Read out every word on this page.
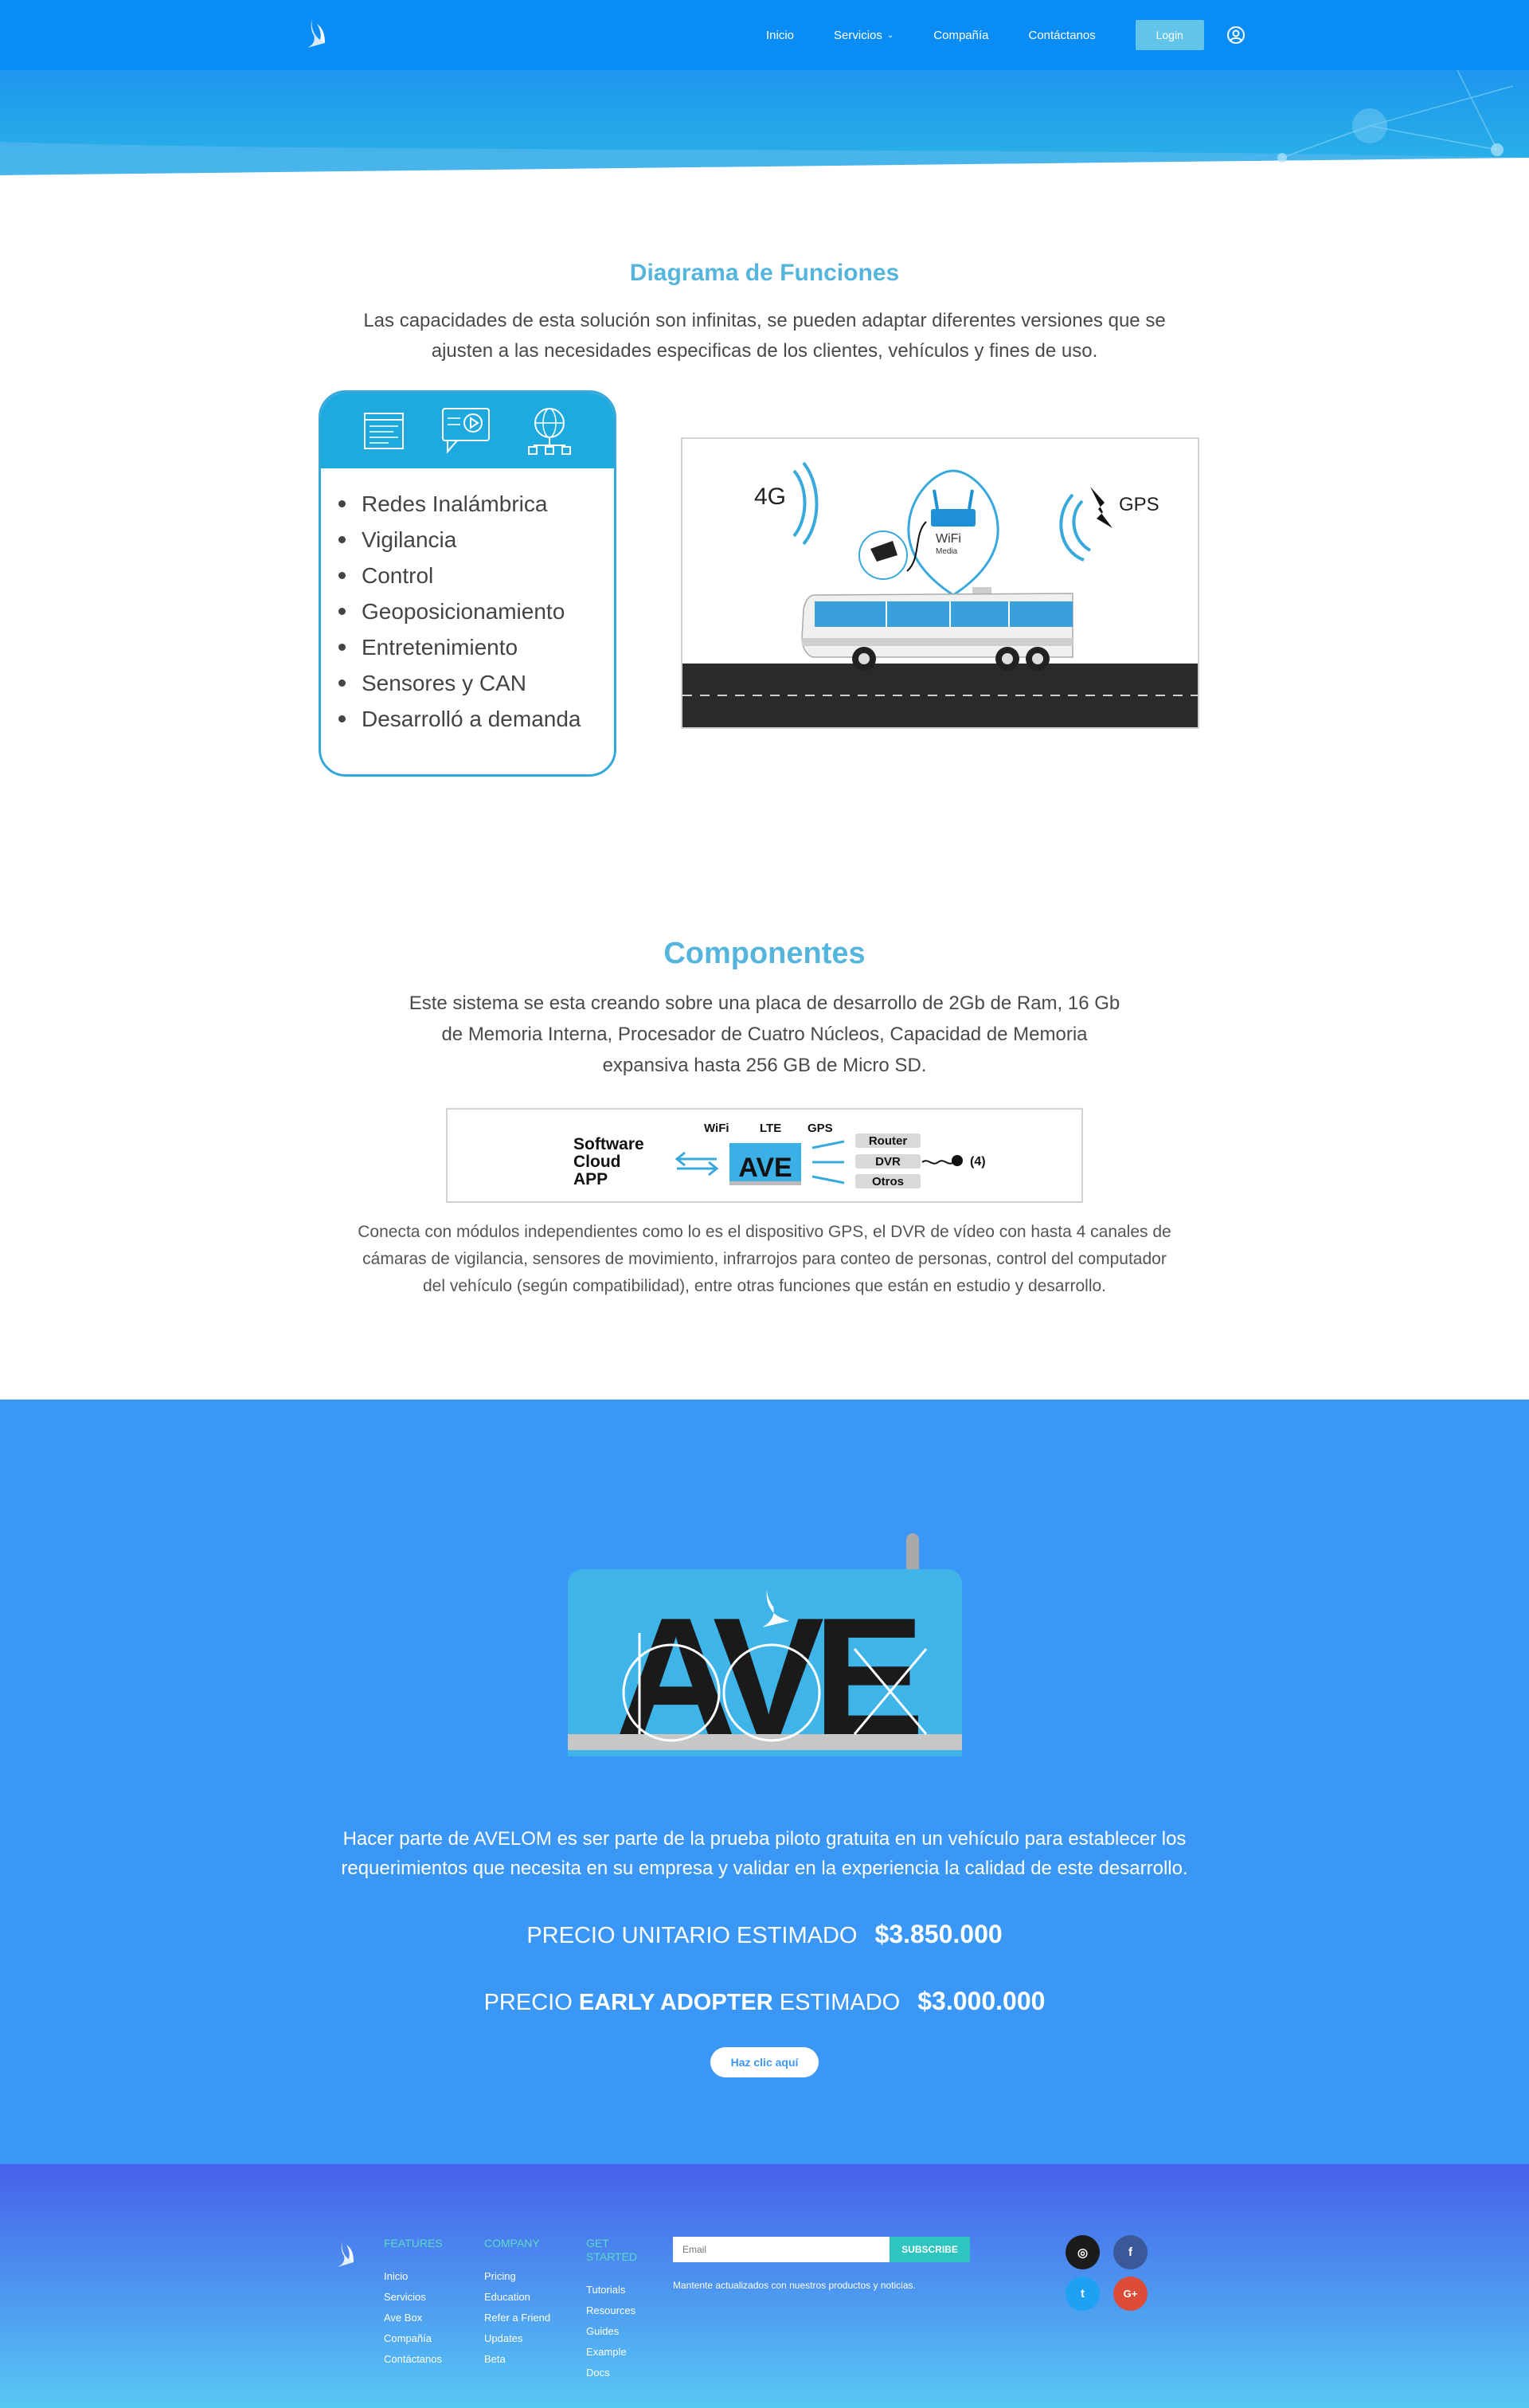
Inicio	Servicios ⌄	Compañía	Contáctanos	Login
Diagrama de Funciones

Las capacidades de esta solución son infinitas, se pueden adaptar diferentes versiones que se
ajusten a las necesidades especificas de los clientes, vehículos y fines de uso.

Redes Inalámbrica
Vigilancia
Control
Geoposicionamiento
Entretenimiento
Sensores y CAN
Desarrolló a demanda
4G	GPS
WiFi
Media
Componentes

Este sistema se esta creando sobre una placa de desarrollo de 2Gb de Ram, 16 Gb
de Memoria Interna, Procesador de Cuatro Núcleos, Capacidad de Memoria
expansiva hasta 256 GB de Micro SD.

Software
Cloud
APP
WiFi	LTE GPS
AVE
Router
DVR
Otros
(4)

Conecta con módulos independientes como lo es el dispositivo GPS, el DVR de vídeo con hasta 4 canales de
cámaras de vigilancia, sensores de movimiento, infrarrojos para conteo de personas, control del computador
del vehículo (según compatibilidad), entre otras funciones que están en estudio y desarrollo.

AVE

Hacer parte de AVELOM es ser parte de la prueba piloto gratuita en un vehículo para establecer los
requerimientos que necesita en su empresa y validar en la experiencia la calidad de este desarrollo.

PRECIO UNITARIO ESTIMADO $3.850.000
PRECIO EARLY ADOPTER ESTIMADO $3.000.000
Haz clic aquí
FEATURES
Inicio
Servicios
Ave Box
Compañía
Contáctanos
COMPANY
Pricing
Education
Refer a Friend
Updates
Beta
GET
STARTED
Tutorials
Resources
Guides
Example
Docs
Email
SUBSCRIBE

Mantente actualizados con nuestros productos y noticias.

◎	f
t	G+
